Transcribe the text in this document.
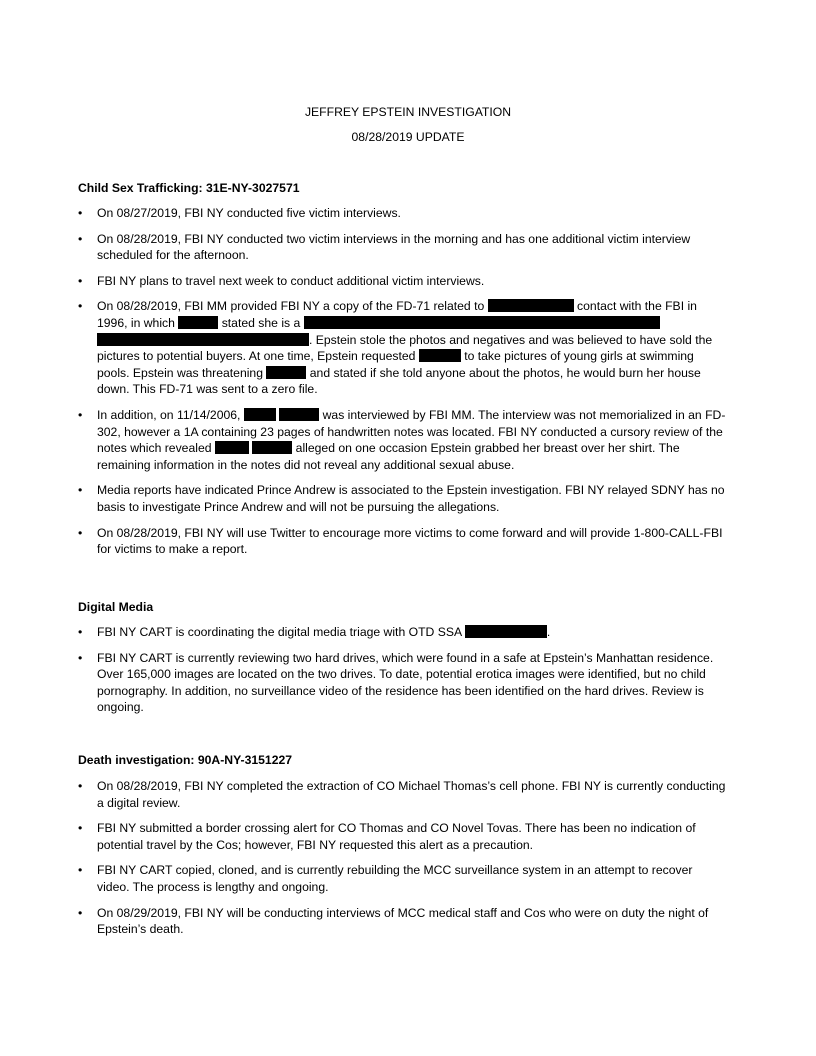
JEFFREY EPSTEIN INVESTIGATION
08/28/2019 UPDATE
Child Sex Trafficking: 31E-NY-3027571
• On 08/27/2019, FBI NY conducted five victim interviews.
• On 08/28/2019, FBI NY conducted two victim interviews in the morning and has one additional victim interview scheduled for the afternoon.
• FBI NY plans to travel next week to conduct additional victim interviews.
• On 08/28/2019, FBI MM provided FBI NY a copy of the FD-71 related to	contact with the FBI in 1996, in which	stated she is a  . Epstein stole the photos and negatives and was believed to have sold the pictures to potential buyers. At one time, Epstein requested	to take pictures of young girls at swimming pools. Epstein was threatening	and stated if she told anyone about the photos, he would burn her house down. This FD-71 was sent to a zero file.
• In addition, on 11/14/2006,	was interviewed by FBI MM. The interview was not memorialized in an FD-302, however a 1A containing 23 pages of handwritten notes was located. FBI NY conducted a cursory review of the notes which revealed	alleged on one occasion Epstein grabbed her breast over her shirt. The remaining information in the notes did not reveal any additional sexual abuse.
• Media reports have indicated Prince Andrew is associated to the Epstein investigation. FBI NY relayed SDNY has no basis to investigate Prince Andrew and will not be pursuing the allegations.
• On 08/28/2019, FBI NY will use Twitter to encourage more victims to come forward and will provide 1-800-CALL-FBI for victims to make a report.
Digital Media
• FBI NY CART is coordinating the digital media triage with OTD SSA	.
• FBI NY CART is currently reviewing two hard drives, which were found in a safe at Epstein’s Manhattan residence. Over 165,000 images are located on the two drives. To date, potential erotica images were identified, but no child pornography. In addition, no surveillance video of the residence has been identified on the hard drives. Review is ongoing.
Death investigation: 90A-NY-3151227
• On 08/28/2019, FBI NY completed the extraction of CO Michael Thomas’s cell phone. FBI NY is currently conducting a digital review.
• FBI NY submitted a border crossing alert for CO Thomas and CO Novel Tovas. There has been no indication of potential travel by the Cos; however, FBI NY requested this alert as a precaution.
• FBI NY CART copied, cloned, and is currently rebuilding the MCC surveillance system in an attempt to recover video. The process is lengthy and ongoing.
• On 08/29/2019, FBI NY will be conducting interviews of MCC medical staff and Cos who were on duty the night of Epstein’s death.
